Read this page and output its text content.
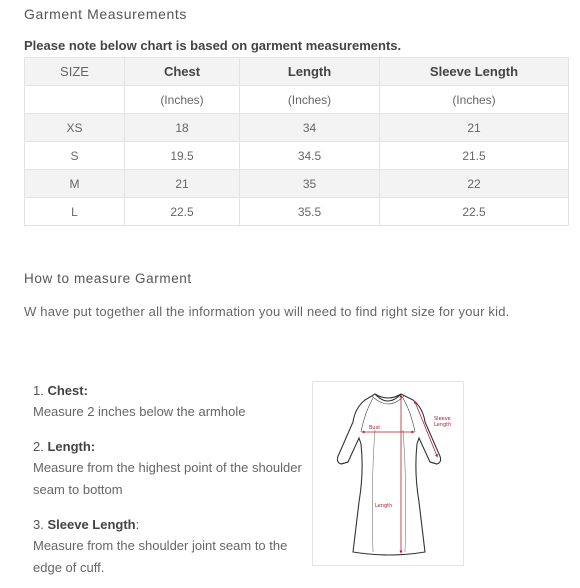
Garment Measurements
Please note below chart is based on garment measurements.
SIZE	Chest	Length	Sleeve Length
	(Inches)	(Inches)	(Inches)
XS	18	34	21
S	19.5	34.5	21.5
M	21	35	22
L	22.5	35.5	22.5
How to measure Garment
W have put together all the information you will need to find right size for your kid.

1. Chest:

Measure 2 inches below the armhole

2. Length:

Measure from the highest point of the shoulder seam to bottom

3. Sleeve Length:

Measure from the shoulder joint seam to the edge of cuff.

Bust
Length
Sleeve
Length
